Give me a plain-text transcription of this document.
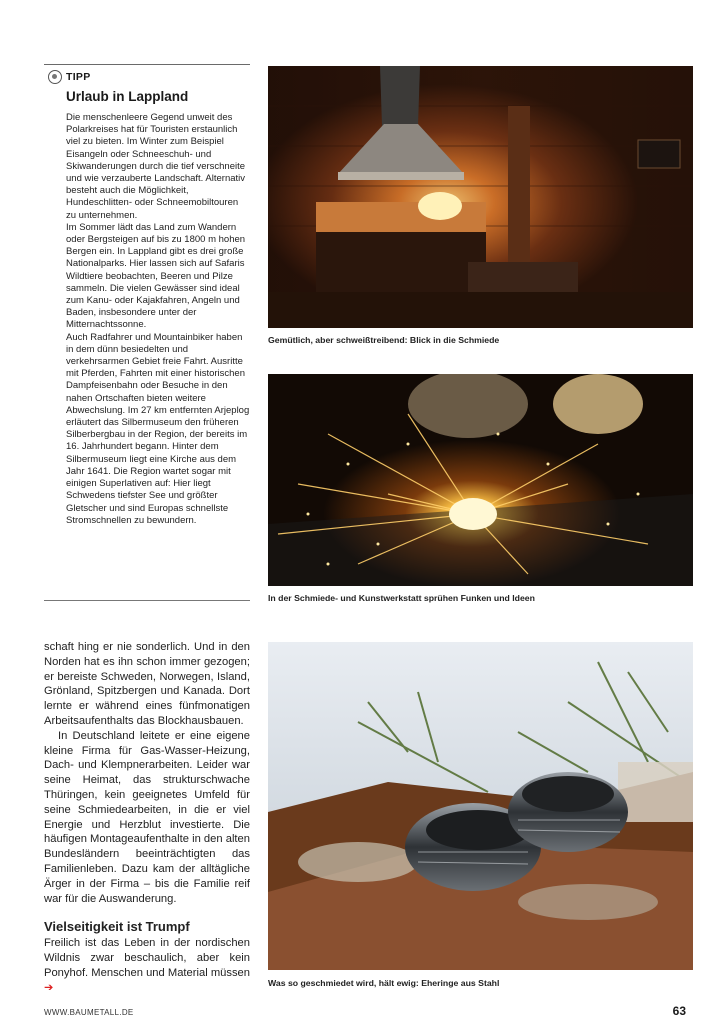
TIPP
Urlaub in Lappland
Die menschenleere Gegend unweit des Polarkreises hat für Touristen erstaunlich viel zu bieten. Im Winter zum Beispiel Eisangeln oder Schneeschuh- und Skiwanderungen durch die tief verschneite und wie verzauberte Landschaft. Alternativ besteht auch die Möglichkeit, Hundeschlitten- oder Schneemobiltouren zu unternehmen.
Im Sommer lädt das Land zum Wandern oder Bergsteigen auf bis zu 1800 m hohen Bergen ein. In Lappland gibt es drei große Nationalparks. Hier lassen sich auf Safaris Wildtiere beobachten, Beeren und Pilze sammeln. Die vielen Gewässer sind ideal zum Kanu- oder Kajakfahren, Angeln und Baden, insbesondere unter der Mitternachtssonne.
Auch Radfahrer und Mountainbiker haben in dem dünn besiedelten und verkehrsarmen Gebiet freie Fahrt. Ausritte mit Pferden, Fahrten mit einer historischen Dampfeisenbahn oder Besuche in den nahen Ortschaften bieten weitere Abwechslung. Im 27 km entfernten Arjeplog erläutert das Silbermuseum den früheren Silberbergbau in der Region, der bereits im 16. Jahrhundert begann. Hinter dem Silbermuseum liegt eine Kirche aus dem Jahr 1641. Die Region wartet sogar mit einigen Superlativen auf: Hier liegt Schwedens tiefster See und größter Gletscher und sind Europas schnellste Stromschnellen zu bewundern.

schaft hing er nie sonderlich. Und in den Norden hat es ihn schon immer gezogen; er bereiste Schweden, Norwegen, Island, Grönland, Spitzbergen und Kanada. Dort lernte er während eines fünfmonatigen Arbeitsaufenthalts das Blockhausbauen.

In Deutschland leitete er eine eigene kleine Firma für Gas-Wasser-Heizung, Dach- und Klempnerarbeiten. Leider war seine Heimat, das strukturschwache Thüringen, kein geeignetes Umfeld für seine Schmiedearbeiten, in die er viel Energie und Herzblut investierte. Die häufigen Montageaufenthalte in den alten Bundesländern beeinträchtigten das Familienleben. Dazu kam der alltägliche Ärger in der Firma – bis die Familie reif war für die Auswanderung.

Vielseitigkeit ist Trumpf

Freilich ist das Leben in der nordischen Wildnis zwar beschaulich, aber kein Ponyhof. Menschen und Material müssen ➔

Gemütlich, aber schweißtreibend: Blick in die Schmiede
In der Schmiede- und Kunstwerkstatt sprühen Funken und Ideen
Was so geschmiedet wird, hält ewig: Eheringe aus Stahl
WWW.BAUMETALL.DE	63
